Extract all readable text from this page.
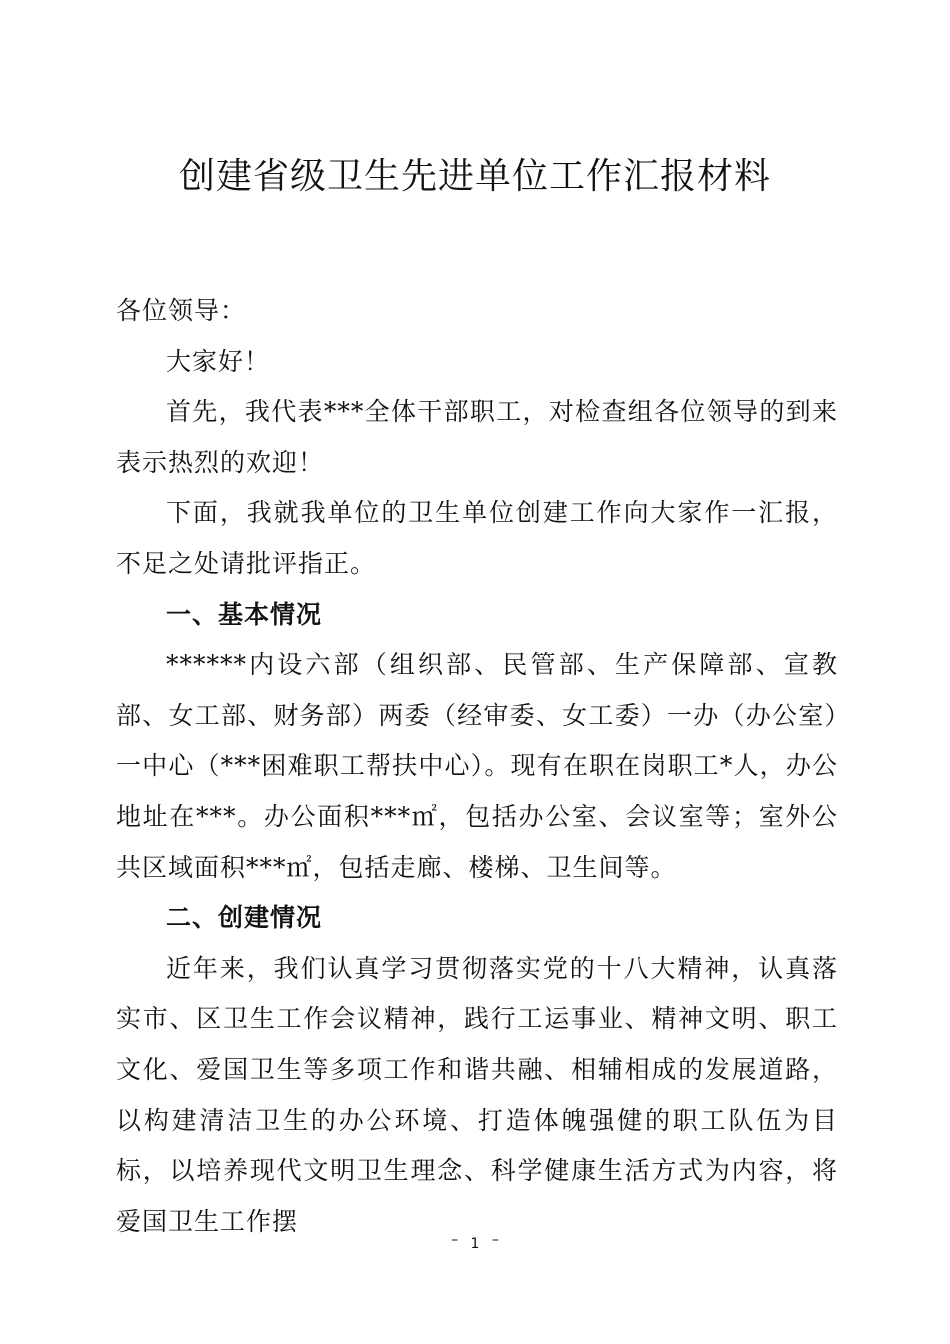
创建省级卫生先进单位工作汇报材料

各位领导：

大家好！

首先，我代表***全体干部职工，对检查组各位领导的到来表示热烈的欢迎！

下面，我就我单位的卫生单位创建工作向大家作一汇报，不足之处请批评指正。

一、基本情况

******内设六部（组织部、民管部、生产保障部、宣教部、女工部、财务部）两委（经审委、女工委）一办（办公室）一中心（***困难职工帮扶中心）。现有在职在岗职工*人，办公地址在***。办公面积***㎡，包括办公室、会议室等；室外公共区域面积***㎡，包括走廊、楼梯、卫生间等。

二、创建情况

近年来，我们认真学习贯彻落实党的十八大精神，认真落实市、区卫生工作会议精神，践行工运事业、精神文明、职工文化、爱国卫生等多项工作和谐共融、相辅相成的发展道路，以构建清洁卫生的办公环境、打造体魄强健的职工队伍为目标，以培养现代文明卫生理念、科学健康生活方式为内容，将爱国卫生工作摆

– 1 –
